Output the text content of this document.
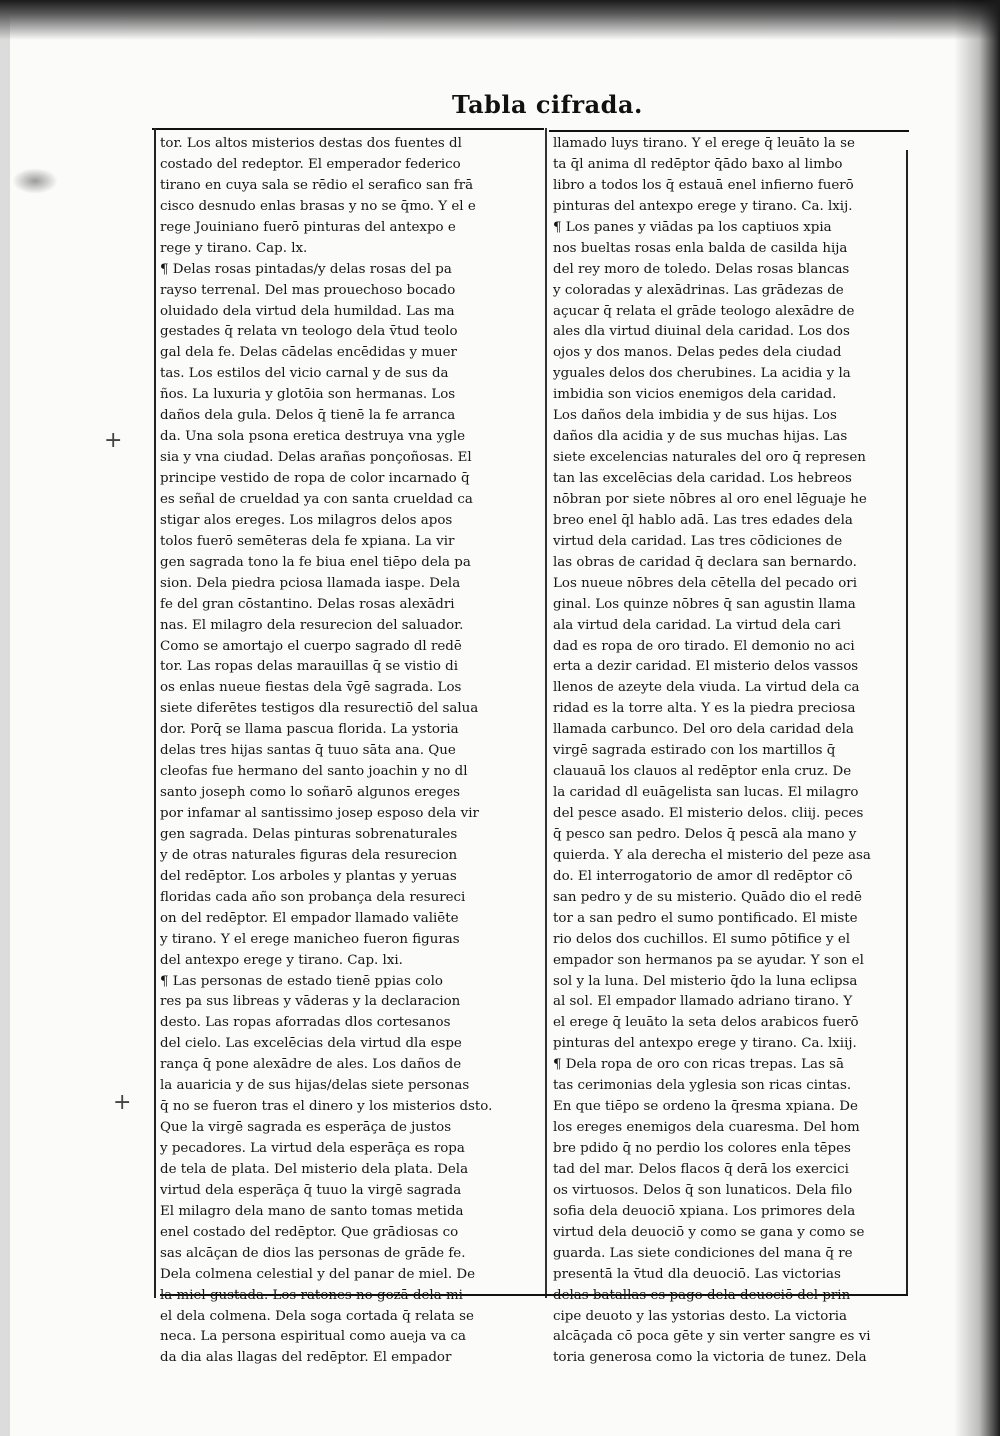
Tabla cifrada.
+
+
tor. Los altos misterios destas dos fuentes dl
costado del redeptor. El emperador federico
tirano en cuya sala se rēdio el serafico san frā
cisco desnudo enlas brasas y no se q̄mo. Y el e
rege Jouiniano fuerō pinturas del antexpo e
rege y tirano. Cap. lx.
¶ Delas rosas pintadas/y delas rosas del pa
rayso terrenal. Del mas prouechoso bocado
oluidado dela virtud dela humildad. Las ma
gestades q̄ relata vn teologo dela v̄tud teolo
gal dela fe. Delas cādelas encēdidas y muer
tas. Los estilos del vicio carnal y de sus da
ños. La luxuria y glotōia son hermanas. Los
daños dela gula. Delos q̄ tienē la fe arranca
da. Una sola psona eretica destruya vna ygle
sia y vna ciudad. Delas arañas ponçoñosas. El
principe vestido de ropa de color incarnado q̄
es señal de crueldad ya con santa crueldad ca
stigar alos ereges. Los milagros delos apos
tolos fuerō semēteras dela fe xpiana. La vir
gen sagrada tono la fe biua enel tiēpo dela pa
sion. Dela piedra pciosa llamada iaspe. Dela
fe del gran cōstantino. Delas rosas alexādri
nas. El milagro dela resurecion del saluador.
Como se amortajo el cuerpo sagrado dl redē
tor. Las ropas delas marauillas q̄ se vistio di
os enlas nueue fiestas dela v̄gē sagrada. Los
siete diferētes testigos dla resurectiō del salua
dor. Porq̄ se llama pascua florida. La ystoria
delas tres hijas santas q̄ tuuo sāta ana. Que
cleofas fue hermano del santo joachin y no dl
santo joseph como lo soñarō algunos ereges
por infamar al santissimo josep esposo dela vir
gen sagrada. Delas pinturas sobrenaturales
y de otras naturales figuras dela resurecion
del redēptor. Los arboles y plantas y yeruas
floridas cada año son probança dela resureci
on del redēptor. El empador llamado valiēte
y tirano. Y el erege manicheo fueron figuras
del antexpo erege y tirano. Cap. lxi.
¶ Las personas de estado tienē ppias colo
res pa sus libreas y vāderas y la declaracion
desto. Las ropas aforradas dlos cortesanos
del cielo. Las excelēcias dela virtud dla espe
rança q̄ pone alexādre de ales. Los daños de
la auaricia y de sus hijas/delas siete personas
q̄ no se fueron tras el dinero y los misterios dsto.
Que la virgē sagrada es esperāça de justos
y pecadores. La virtud dela esperāça es ropa
de tela de plata. Del misterio dela plata. Dela
virtud dela esperāça q̄ tuuo la virgē sagrada
El milagro dela mano de santo tomas metida
enel costado del redēptor. Que grādiosas co
sas alcāçan de dios las personas de grāde fe.
Dela colmena celestial y del panar de miel. De
la miel gustada. Los ratones no gozā dela mi
el dela colmena. Dela soga cortada q̄ relata se
neca. La persona espiritual como aueja va ca
da dia alas llagas del redēptor. El empador
llamado luys tirano. Y el erege q̄ leuāto la se
ta q̄l anima dl redēptor q̄ādo baxo al limbo
libro a todos los q̄ estauā enel infierno fuerō
pinturas del antexpo erege y tirano. Ca. lxij.
¶ Los panes y viādas pa los captiuos xpia
nos bueltas rosas enla balda de casilda hija
del rey moro de toledo. Delas rosas blancas
y coloradas y alexādrinas. Las grādezas de
açucar q̄ relata el grāde teologo alexādre de
ales dla virtud diuinal dela caridad. Los dos
ojos y dos manos. Delas pedes dela ciudad
yguales delos dos cherubines. La acidia y la
imbidia son vicios enemigos dela caridad.
Los daños dela imbidia y de sus hijas. Los
daños dla acidia y de sus muchas hijas. Las
siete excelencias naturales del oro q̄ represen
tan las excelēcias dela caridad. Los hebreos
nōbran por siete nōbres al oro enel lēguaje he
breo enel q̄l hablo adā. Las tres edades dela
virtud dela caridad. Las tres cōdiciones de
las obras de caridad q̄ declara san bernardo.
Los nueue nōbres dela cētella del pecado ori
ginal. Los quinze nōbres q̄ san agustin llama
ala virtud dela caridad. La virtud dela cari
dad es ropa de oro tirado. El demonio no aci
erta a dezir caridad. El misterio delos vassos
llenos de azeyte dela viuda. La virtud dela ca
ridad es la torre alta. Y es la piedra preciosa
llamada carbunco. Del oro dela caridad dela
virgē sagrada estirado con los martillos q̄
clauauā los clauos al redēptor enla cruz. De
la caridad dl euāgelista san lucas. El milagro
del pesce asado. El misterio delos. cliij. peces
q̄ pesco san pedro. Delos q̄ pescā ala mano y
quierda. Y ala derecha el misterio del peze asa
do. El interrogatorio de amor dl redēptor cō
san pedro y de su misterio. Quādo dio el redē
tor a san pedro el sumo pontificado. El miste
rio delos dos cuchillos. El sumo pōtifice y el
empador son hermanos pa se ayudar. Y son el
sol y la luna. Del misterio q̄do la luna eclipsa
al sol. El empador llamado adriano tirano. Y
el erege q̄ leuāto la seta delos arabicos fuerō
pinturas del antexpo erege y tirano. Ca. lxiij.
¶ Dela ropa de oro con ricas trepas. Las sā
tas cerimonias dela yglesia son ricas cintas.
En que tiēpo se ordeno la q̄resma xpiana. De
los ereges enemigos dela cuaresma. Del hom
bre pdido q̄ no perdio los colores enla tēpes
tad del mar. Delos flacos q̄ derā los exercici
os virtuosos. Delos q̄ son lunaticos. Dela filo
sofia dela deuociō xpiana. Los primores dela
virtud dela deuociō y como se gana y como se
guarda. Las siete condiciones del mana q̄ re
presentā la v̄tud dla deuociō. Las victorias
delas batallas es pago dela deuociō del prin
cipe deuoto y las ystorias desto. La victoria
alcāçada cō poca gēte y sin verter sangre es vi
toria generosa como la victoria de tunez. Dela
